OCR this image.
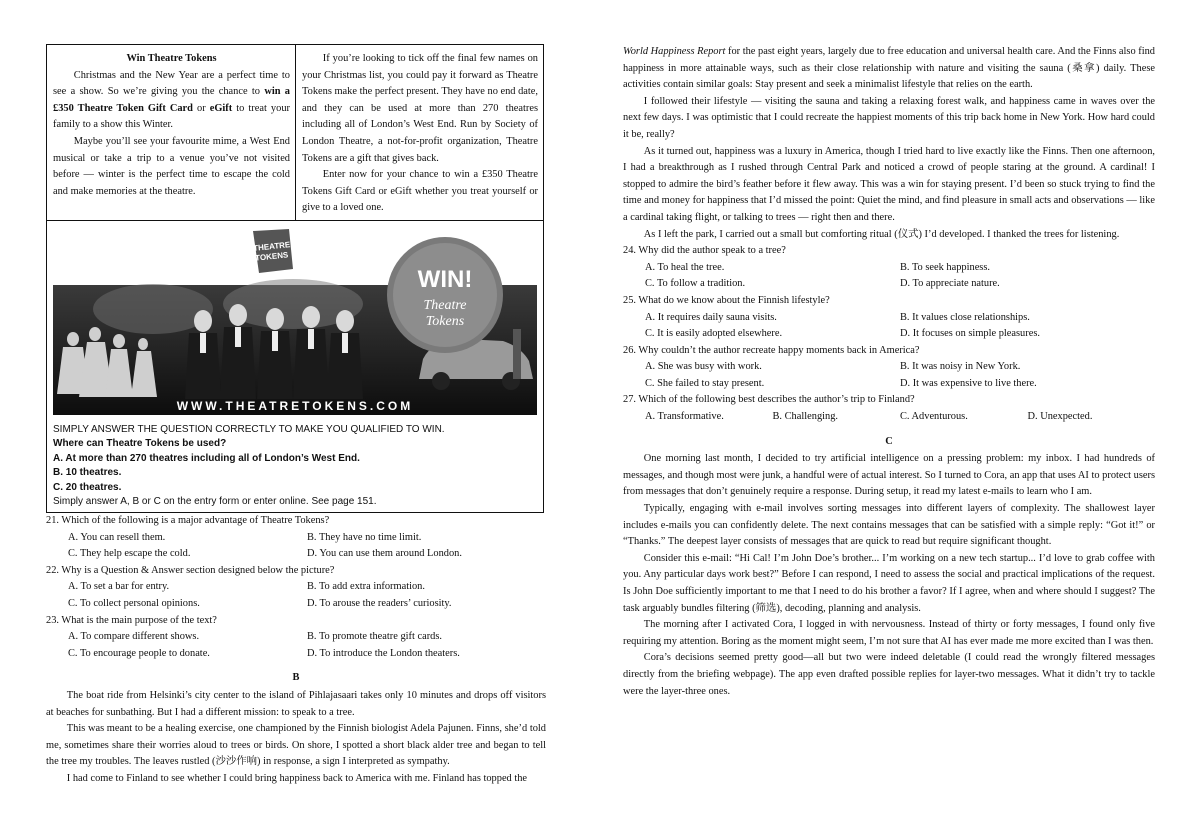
Win Theatre Tokens

Christmas and the New Year are a perfect time to see a show. So we’re giving you the chance to win a £350 Theatre Token Gift Card or eGift to treat your family to a show this Winter.

Maybe you’ll see your favourite mime, a West End musical or take a trip to a venue you’ve not visited before — winter is the perfect time to escape the cold and make memories at the theatre.

If you’re looking to tick off the final few names on your Christmas list, you could pay it forward as Theatre Tokens make the perfect present. They have no end date, and they can be used at more than 270 theatres including all of London’s West End. Run by Society of London Theatre, a not-for-profit organization, Theatre Tokens are a gift that gives back.

Enter now for your chance to win a £350 Theatre Tokens Gift Card or eGift whether you treat yourself or give to a loved one.

THEATRE
TOKENS
WIN!
Theatre
Tokens
WWW.THEATRETOKENS.COM

SIMPLY ANSWER THE QUESTION CORRECTLY TO MAKE YOU QUALIFIED TO WIN.

Where can Theatre Tokens be used?

A. At more than 270 theatres including all of London’s West End.

B. 10 theatres.

C. 20 theatres.

Simply answer A, B or C on the entry form or enter online. See page 151.

21. Which of the following is a major advantage of Theatre Tokens?

A. You can resell them.	B. They have no time limit.
C. They help escape the cold.	D. You can use them around London.

22. Why is a Question & Answer section designed below the picture?

A. To set a bar for entry.	B. To add extra information.
C. To collect personal opinions.	D. To arouse the readers’ curiosity.

23. What is the main purpose of the text?

A. To compare different shows.	B. To promote theatre gift cards.
C. To encourage people to donate.	D. To introduce the London theaters.

B

The boat ride from Helsinki’s city center to the island of Pihlajasaari takes only 10 minutes and drops off visitors at beaches for sunbathing. But I had a different mission: to speak to a tree.

This was meant to be a healing exercise, one championed by the Finnish biologist Adela Pajunen. Finns, she’d told me, sometimes share their worries aloud to trees or birds. On shore, I spotted a short black alder tree and began to tell the tree my troubles. The leaves rustled (沙沙作响) in response, a sign I interpreted as sympathy.

I had come to Finland to see whether I could bring happiness back to America with me. Finland has topped the

World Happiness Report for the past eight years, largely due to free education and universal health care. And the Finns also find happiness in more attainable ways, such as their close relationship with nature and visiting the sauna (桑拿) daily. These activities contain similar goals: Stay present and seek a minimalist lifestyle that relies on the earth.

I followed their lifestyle — visiting the sauna and taking a relaxing forest walk, and happiness came in waves over the next few days. I was optimistic that I could recreate the happiest moments of this trip back home in New York. How hard could it be, really?

As it turned out, happiness was a luxury in America, though I tried hard to live exactly like the Finns. Then one afternoon, I had a breakthrough as I rushed through Central Park and noticed a crowd of people staring at the ground. A cardinal! I stopped to admire the bird’s feather before it flew away. This was a win for staying present. I’d been so stuck trying to find the time and money for happiness that I’d missed the point: Quiet the mind, and find pleasure in small acts and observations — like a cardinal taking flight, or talking to trees — right then and there.

As I left the park, I carried out a small but comforting ritual (仪式) I’d developed. I thanked the trees for listening.

24. Why did the author speak to a tree?

A. To heal the tree.	B. To seek happiness.
C. To follow a tradition.	D. To appreciate nature.

25. What do we know about the Finnish lifestyle?

A. It requires daily sauna visits.	B. It values close relationships.
C. It is easily adopted elsewhere.	D. It focuses on simple pleasures.

26. Why couldn’t the author recreate happy moments back in America?

A. She was busy with work.	B. It was noisy in New York.
C. She failed to stay present.	D. It was expensive to live there.

27. Which of the following best describes the author’s trip to Finland?

A. Transformative.	B. Challenging.	C. Adventurous.	D. Unexpected.

C

One morning last month, I decided to try artificial intelligence on a pressing problem: my inbox. I had hundreds of messages, and though most were junk, a handful were of actual interest. So I turned to Cora, an app that uses AI to protect users from messages that don’t genuinely require a response. During setup, it read my latest e-mails to learn who I am.

Typically, engaging with e-mail involves sorting messages into different layers of complexity. The shallowest layer includes e-mails you can confidently delete. The next contains messages that can be satisfied with a simple reply: “Got it!” or “Thanks.” The deepest layer consists of messages that are quick to read but require significant thought.

Consider this e-mail: “Hi Cal! I’m John Doe’s brother... I’m working on a new tech startup... I’d love to grab coffee with you. Any particular days work best?” Before I can respond, I need to assess the social and practical implications of the request. Is John Doe sufficiently important to me that I need to do his brother a favor? If I agree, when and where should I suggest? The task arguably bundles filtering (筛选), decoding, planning and analysis.

The morning after I activated Cora, I logged in with nervousness. Instead of thirty or forty messages, I found only five requiring my attention. Boring as the moment might seem, I’m not sure that AI has ever made me more excited than I was then.

Cora’s decisions seemed pretty good—all but two were indeed deletable (I could read the wrongly filtered messages directly from the briefing webpage). The app even drafted possible replies for layer-two messages. What it didn’t try to tackle were the layer-three ones.
